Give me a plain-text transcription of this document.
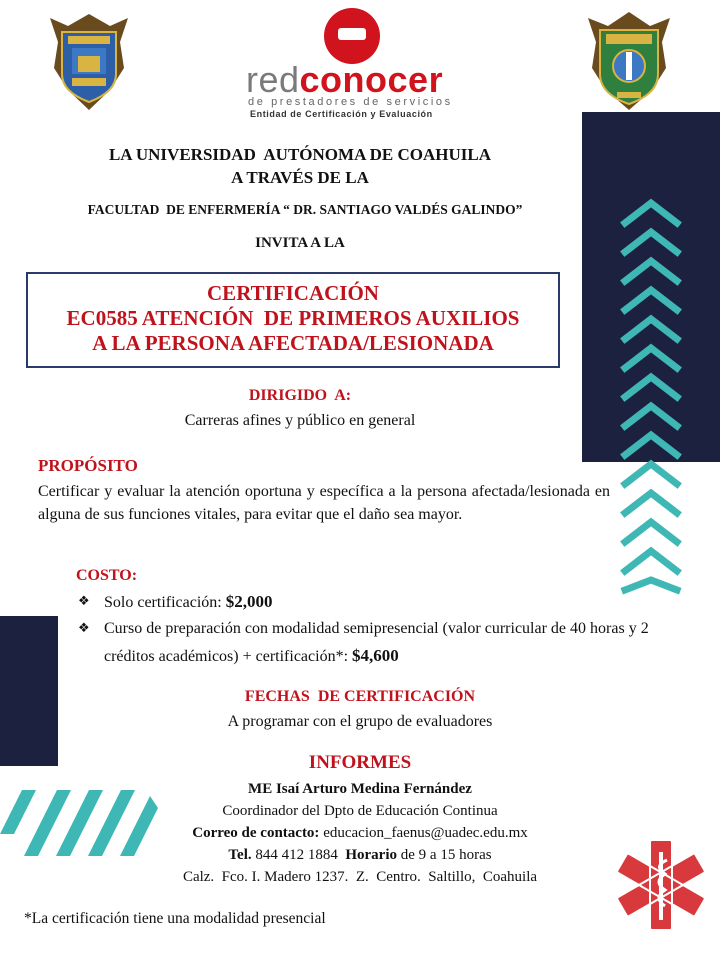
redconocer
de prestadores de servicios
Entidad de Certificación y Evaluación
LA UNIVERSIDAD  AUTÓNOMA DE COAHUILA
A TRAVÉS DE LA
FACULTAD  DE ENFERMERÍA “ DR. SANTIAGO VALDÉS GALINDO”
INVITA A LA
CERTIFICACIÓN
EC0585 ATENCIÓN  DE PRIMEROS AUXILIOS
A LA PERSONA AFECTADA/LESIONADA
DIRIGIDO  A:
Carreras afines y público en general
PROPÓSITO
Certificar y evaluar la atención oportuna y específica a la persona afectada/lesionada en alguna de sus funciones vitales, para evitar que el daño sea mayor.
COSTO:
❖ Solo certificación: $2,000
❖ Curso de preparación con modalidad semipresencial (valor curricular de 40 horas y 2 créditos académicos) + certificación*: $4,600
FECHAS  DE CERTIFICACIÓN
A programar con el grupo de evaluadores
INFORMES
ME Isaí Arturo Medina Fernández
Coordinador del Dpto de Educación Continua
Correo de contacto: educacion_faenus@uadec.edu.mx
Tel. 844 412 1884 Horario de 9 a 15 horas
Calz.  Fco. I. Madero 1237.  Z.  Centro.  Saltillo,  Coahuila
*La certificación tiene una modalidad presencial
